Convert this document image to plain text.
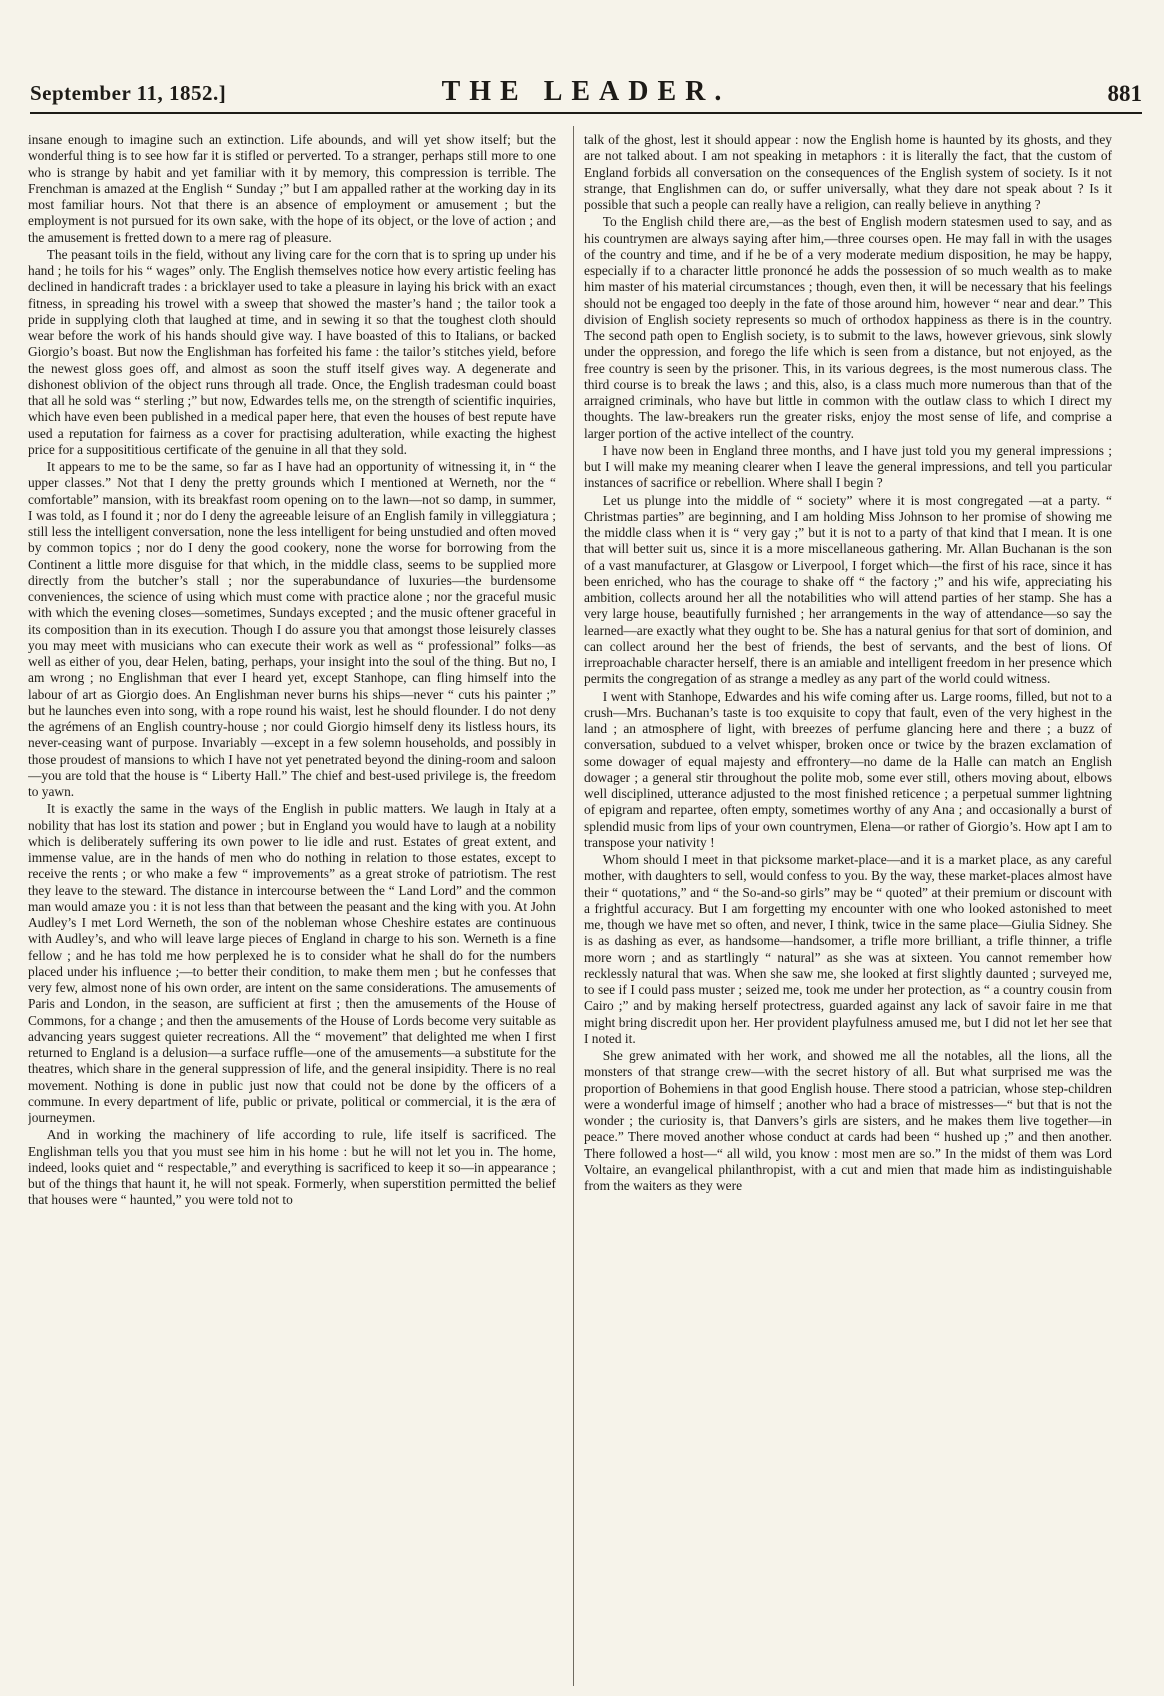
September 11, 1852.]	THE LEADER.	881

insane enough to imagine such an extinction. Life abounds, and will yet show itself; but the wonderful thing is to see how far it is stifled or perverted. To a stranger, perhaps still more to one who is strange by habit and yet familiar with it by memory, this compression is terrible. The Frenchman is amazed at the English “ Sunday ;” but I am appalled rather at the working day in its most familiar hours. Not that there is an absence of employment or amusement ; but the employment is not pursued for its own sake, with the hope of its object, or the love of action ; and the amusement is fretted down to a mere rag of pleasure.

The peasant toils in the field, without any living care for the corn that is to spring up under his hand ; he toils for his “ wages” only. The English themselves notice how every artistic feeling has declined in handicraft trades : a bricklayer used to take a pleasure in laying his brick with an exact fitness, in spreading his trowel with a sweep that showed the master’s hand ; the tailor took a pride in supplying cloth that laughed at time, and in sewing it so that the toughest cloth should wear before the work of his hands should give way. I have boasted of this to Italians, or backed Giorgio’s boast. But now the Englishman has forfeited his fame : the tailor’s stitches yield, before the newest gloss goes off, and almost as soon the stuff itself gives way. A degenerate and dishonest oblivion of the object runs through all trade. Once, the English tradesman could boast that all he sold was “ sterling ;” but now, Edwardes tells me, on the strength of scientific inquiries, which have even been published in a medical paper here, that even the houses of best repute have used a reputation for fairness as a cover for practising adulteration, while exacting the highest price for a supposititious certificate of the genuine in all that they sold.

It appears to me to be the same, so far as I have had an opportunity of witnessing it, in “ the upper classes.” Not that I deny the pretty grounds which I mentioned at Werneth, nor the “ comfortable” mansion, with its breakfast room opening on to the lawn—not so damp, in summer, I was told, as I found it ; nor do I deny the agreeable leisure of an English family in villeggiatura ; still less the intelligent conversation, none the less intelligent for being unstudied and often moved by common topics ; nor do I deny the good cookery, none the worse for borrowing from the Continent a little more disguise for that which, in the middle class, seems to be supplied more directly from the butcher’s stall ; nor the superabundance of luxuries—the burdensome conveniences, the science of using which must come with practice alone ; nor the graceful music with which the evening closes—sometimes, Sundays excepted ; and the music oftener graceful in its composition than in its execution. Though I do assure you that amongst those leisurely classes you may meet with musicians who can execute their work as well as “ professional” folks—as well as either of you, dear Helen, bating, perhaps, your insight into the soul of the thing. But no, I am wrong ; no Englishman that ever I heard yet, except Stanhope, can fling himself into the labour of art as Giorgio does. An Englishman never burns his ships—never “ cuts his painter ;” but he launches even into song, with a rope round his waist, lest he should flounder. I do not deny the agrémens of an English country-house ; nor could Giorgio himself deny its listless hours, its never-ceasing want of purpose. Invariably —except in a few solemn households, and possibly in those proudest of mansions to which I have not yet penetrated beyond the dining-room and saloon—you are told that the house is “ Liberty Hall.” The chief and best-used privilege is, the freedom to yawn.

It is exactly the same in the ways of the English in public matters. We laugh in Italy at a nobility that has lost its station and power ; but in England you would have to laugh at a nobility which is deliberately suffering its own power to lie idle and rust. Estates of great extent, and immense value, are in the hands of men who do nothing in relation to those estates, except to receive the rents ; or who make a few “ improvements” as a great stroke of patriotism. The rest they leave to the steward. The distance in intercourse between the “ Land Lord” and the common man would amaze you : it is not less than that between the peasant and the king with you. At John Audley’s I met Lord Werneth, the son of the nobleman whose Cheshire estates are continuous with Audley’s, and who will leave large pieces of England in charge to his son. Werneth is a fine fellow ; and he has told me how perplexed he is to consider what he shall do for the numbers placed under his influence ;—to better their condition, to make them men ; but he confesses that very few, almost none of his own order, are intent on the same considerations. The amusements of Paris and London, in the season, are sufficient at first ; then the amusements of the House of Commons, for a change ; and then the amusements of the House of Lords become very suitable as advancing years suggest quieter recreations. All the “ movement” that delighted me when I first returned to England is a delusion—a surface ruffle—one of the amusements—a substitute for the theatres, which share in the general suppression of life, and the general insipidity. There is no real movement. Nothing is done in public just now that could not be done by the officers of a commune. In every department of life, public or private, political or commercial, it is the æra of journeymen.

And in working the machinery of life according to rule, life itself is sacrificed. The Englishman tells you that you must see him in his home : but he will not let you in. The home, indeed, looks quiet and “ respectable,” and everything is sacrificed to keep it so—in appearance ; but of the things that haunt it, he will not speak. Formerly, when superstition permitted the belief that houses were “ haunted,” you were told not to

talk of the ghost, lest it should appear : now the English home is haunted by its ghosts, and they are not talked about. I am not speaking in metaphors : it is literally the fact, that the custom of England forbids all conversation on the consequences of the English system of society. Is it not strange, that Englishmen can do, or suffer universally, what they dare not speak about ? Is it possible that such a people can really have a religion, can really believe in anything ?

To the English child there are,—as the best of English modern statesmen used to say, and as his countrymen are always saying after him,—three courses open. He may fall in with the usages of the country and time, and if he be of a very moderate medium disposition, he may be happy, especially if to a character little prononcé he adds the possession of so much wealth as to make him master of his material circumstances ; though, even then, it will be necessary that his feelings should not be engaged too deeply in the fate of those around him, however “ near and dear.” This division of English society represents so much of orthodox happiness as there is in the country. The second path open to English society, is to submit to the laws, however grievous, sink slowly under the oppression, and forego the life which is seen from a distance, but not enjoyed, as the free country is seen by the prisoner. This, in its various degrees, is the most numerous class. The third course is to break the laws ; and this, also, is a class much more numerous than that of the arraigned criminals, who have but little in common with the outlaw class to which I direct my thoughts. The law-breakers run the greater risks, enjoy the most sense of life, and comprise a larger portion of the active intellect of the country.

I have now been in England three months, and I have just told you my general impressions ; but I will make my meaning clearer when I leave the general impressions, and tell you particular instances of sacrifice or rebellion. Where shall I begin ?

Let us plunge into the middle of “ society” where it is most congregated —at a party. “ Christmas parties” are beginning, and I am holding Miss Johnson to her promise of showing me the middle class when it is “ very gay ;” but it is not to a party of that kind that I mean. It is one that will better suit us, since it is a more miscellaneous gathering. Mr. Allan Buchanan is the son of a vast manufacturer, at Glasgow or Liverpool, I forget which—the first of his race, since it has been enriched, who has the courage to shake off “ the factory ;” and his wife, appreciating his ambition, collects around her all the notabilities who will attend parties of her stamp. She has a very large house, beautifully furnished ; her arrangements in the way of attendance—so say the learned—are exactly what they ought to be. She has a natural genius for that sort of dominion, and can collect around her the best of friends, the best of servants, and the best of lions. Of irreproachable character herself, there is an amiable and intelligent freedom in her presence which permits the congregation of as strange a medley as any part of the world could witness.

I went with Stanhope, Edwardes and his wife coming after us. Large rooms, filled, but not to a crush—Mrs. Buchanan’s taste is too exquisite to copy that fault, even of the very highest in the land ; an atmosphere of light, with breezes of perfume glancing here and there ; a buzz of conversation, subdued to a velvet whisper, broken once or twice by the brazen exclamation of some dowager of equal majesty and effrontery—no dame de la Halle can match an English dowager ; a general stir throughout the polite mob, some ever still, others moving about, elbows well disciplined, utterance adjusted to the most finished reticence ; a perpetual summer lightning of epigram and repartee, often empty, sometimes worthy of any Ana ; and occasionally a burst of splendid music from lips of your own countrymen, Elena—or rather of Giorgio’s. How apt I am to transpose your nativity !

Whom should I meet in that picksome market-place—and it is a market place, as any careful mother, with daughters to sell, would confess to you. By the way, these market-places almost have their “ quotations,” and “ the So-and-so girls” may be “ quoted” at their premium or discount with a frightful accuracy. But I am forgetting my encounter with one who looked astonished to meet me, though we have met so often, and never, I think, twice in the same place—Giulia Sidney. She is as dashing as ever, as handsome—handsomer, a trifle more brilliant, a trifle thinner, a trifle more worn ; and as startlingly “ natural” as she was at sixteen. You cannot remember how recklessly natural that was. When she saw me, she looked at first slightly daunted ; surveyed me, to see if I could pass muster ; seized me, took me under her protection, as “ a country cousin from Cairo ;” and by making herself protectress, guarded against any lack of savoir faire in me that might bring discredit upon her. Her provident playfulness amused me, but I did not let her see that I noted it.

She grew animated with her work, and showed me all the notables, all the lions, all the monsters of that strange crew—with the secret history of all. But what surprised me was the proportion of Bohemiens in that good English house. There stood a patrician, whose step-children were a wonderful image of himself ; another who had a brace of mistresses—“ but that is not the wonder ; the curiosity is, that Danvers’s girls are sisters, and he makes them live together—in peace.” There moved another whose conduct at cards had been “ hushed up ;” and then another. There followed a host—“ all wild, you know : most men are so.” In the midst of them was Lord Voltaire, an evangelical philanthropist, with a cut and mien that made him as indistinguishable from the waiters as they were
